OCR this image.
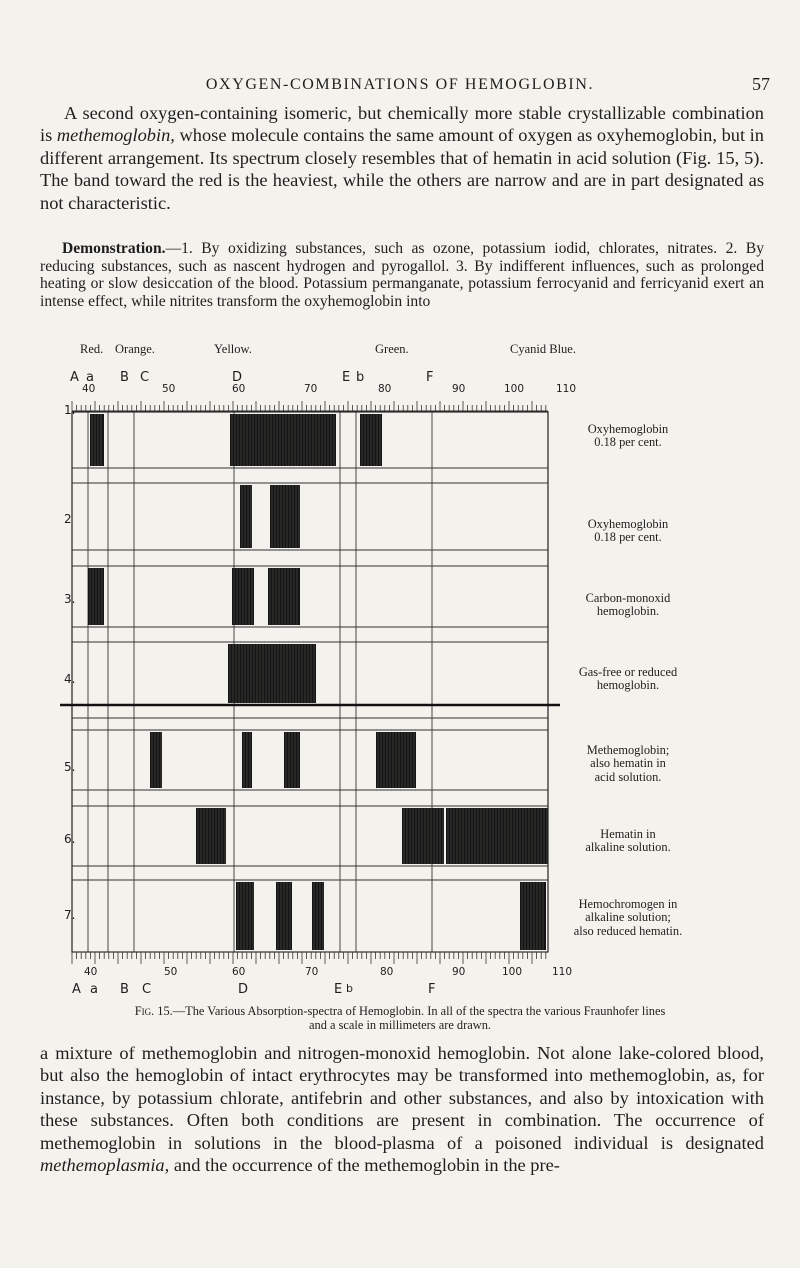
OXYGEN-COMBINATIONS OF HEMOGLOBIN.	57

A second oxygen-containing isomeric, but chemically more stable crystallizable combination is methemoglobin, whose molecule contains the same amount of oxygen as oxyhemoglobin, but in different arrangement. Its spectrum closely resembles that of hematin in acid solution (Fig. 15, 5). The band toward the red is the heaviest, while the others are narrow and are in part designated as not characteristic.

Demonstration.—1. By oxidizing substances, such as ozone, potassium iodid, chlorates, nitrates. 2. By reducing substances, such as nascent hydrogen and pyrogallol. 3. By indifferent influences, such as prolonged heating or slow desiccation of the blood. Potassium permanganate, potassium ferrocyanid and ferricyanid exert an intense effect, while nitrites transform the oxyhemoglobin into
Red. Orange.	Yellow.	Green.	Cyanid Blue.
A a B C	D	E b	F
40	50	60	70	80	90	100	110
1.
2
3.
4.
5.
6.
7.
Oxyhemoglobin
0.18 per cent.
Oxyhemoglobin
0.18 per cent.
Carbon-monoxid
hemoglobin.
Gas-free or reduced
hemoglobin.
Methemoglobin;
also hematin in
acid solution.
Hematin in
alkaline solution.
Hemochromogen in
alkaline solution;
also reduced hematin.
40	50	60	70	80	90	100	110
A a B C	D	E b	F
Fig. 15.—The Various Absorption-spectra of Hemoglobin. In all of the spectra the various Fraunhofer lines
and a scale in millimeters are drawn.

a mixture of methemoglobin and nitrogen-monoxid hemoglobin. Not alone lake-colored blood, but also the hemoglobin of intact erythrocytes may be transformed into methemoglobin, as, for instance, by potassium chlorate, antifebrin and other substances, and also by intoxication with these substances. Often both conditions are present in combination. The occurrence of methemoglobin in solutions in the blood-plasma of a poisoned individual is designated methemoplasmia, and the occurrence of the methemoglobin in the pre-
